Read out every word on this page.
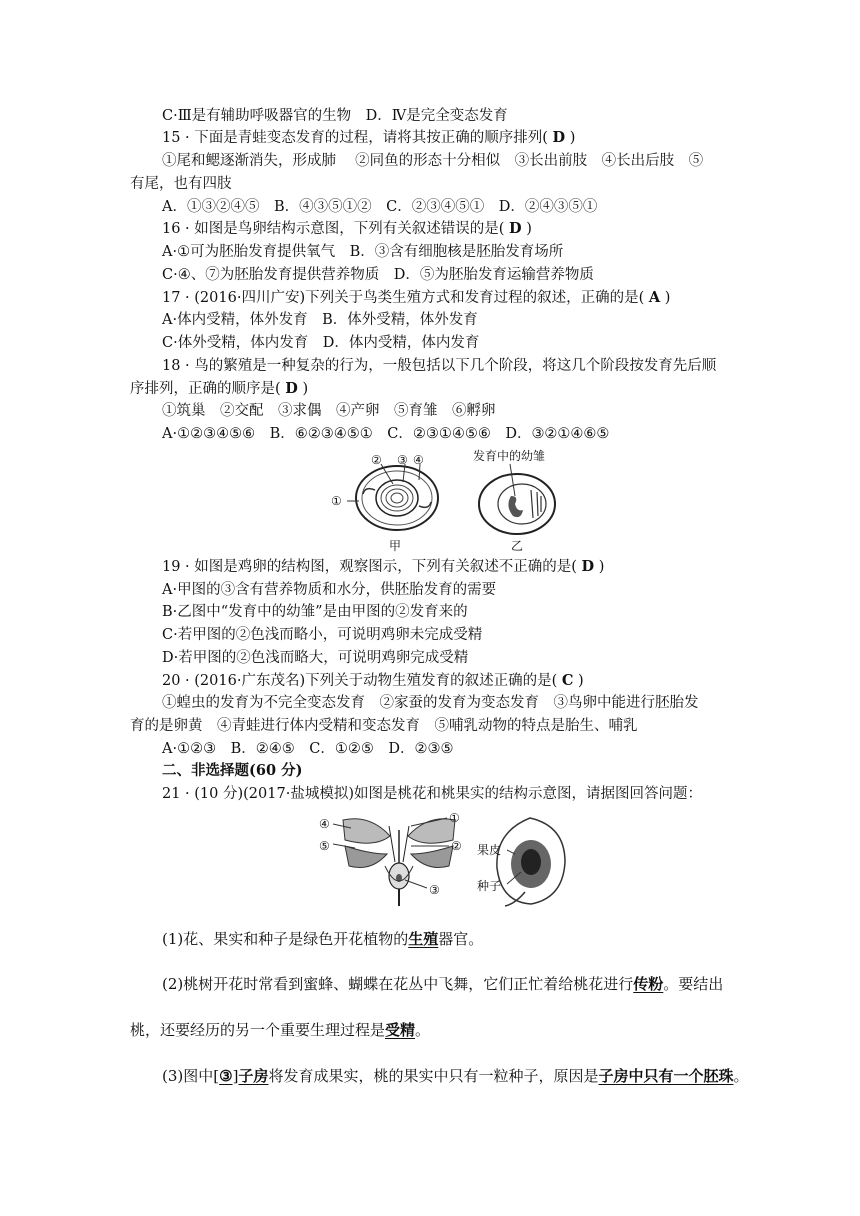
C·Ⅲ是有辅助呼吸器官的生物　D．Ⅳ是完全变态发育
15 · 下面是青蛙变态发育的过程，请将其按正确的顺序排列( D )
①尾和鳃逐渐消失，形成肺　 ②同鱼的形态十分相似　③长出前肢　④长出后肢　⑤
有尾，也有四肢
A．①③②④⑤　B．④③⑤①②　C．②③④⑤①　D．②④③⑤①
16 · 如图是鸟卵结构示意图，下列有关叙述错误的是( D )
A·①可为胚胎发育提供氧气　B．③含有细胞核是胚胎发育场所
C·④、⑦为胚胎发育提供营养物质　D．⑤为胚胎发育运输营养物质
17 · (2016·四川广安)下列关于鸟类生殖方式和发育过程的叙述，正确的是( A )
A·体内受精，体外发育　B．体外受精，体外发育
C·体外受精，体内发育　D．体内受精，体内发育
18 · 鸟的繁殖是一种复杂的行为，一般包括以下几个阶段，将这几个阶段按发育先后顺
序排列，正确的顺序是( D )
①筑巢　②交配　③求偶　④产卵　⑤育雏　⑥孵卵
A·①②③④⑤⑥　B．⑥②③④⑤①　C．②③①④⑤⑥　D．③②①④⑥⑤
①
② ③ ④	发育中的幼雏
甲	乙
19 · 如图是鸡卵的结构图，观察图示，下列有关叙述不正确的是( D )
A·甲图的③含有营养物质和水分，供胚胎发育的需要
B·乙图中“发育中的幼雏”是由甲图的②发育来的
C·若甲图的②色浅而略小，可说明鸡卵未完成受精
D·若甲图的②色浅而略大，可说明鸡卵完成受精
20 · (2016·广东茂名)下列关于动物生殖发育的叙述正确的是( C )
①蝗虫的发育为不完全变态发育　②家蚕的发育为变态发育　③鸟卵中能进行胚胎发
育的是卵黄　④青蛙进行体内受精和变态发育　⑤哺乳动物的特点是胎生、哺乳
A·①②③　B．②④⑤　C．①②⑤　D．②③⑤
二、非选择题(60 分)
21 · (10 分)(2017·盐城模拟)如图是桃花和桃果实的结构示意图，请据图回答问题：
④
⑤
①
②
③
果皮
种子
(1)花、果实和种子是绿色开花植物的生殖器官。
(2)桃树开花时常看到蜜蜂、蝴蝶在花丛中飞舞，它们正忙着给桃花进行传粉。要结出
桃，还要经历的另一个重要生理过程是受精。
(3)图中[③]子房将发育成果实，桃的果实中只有一粒种子，原因是子房中只有一个胚珠。
